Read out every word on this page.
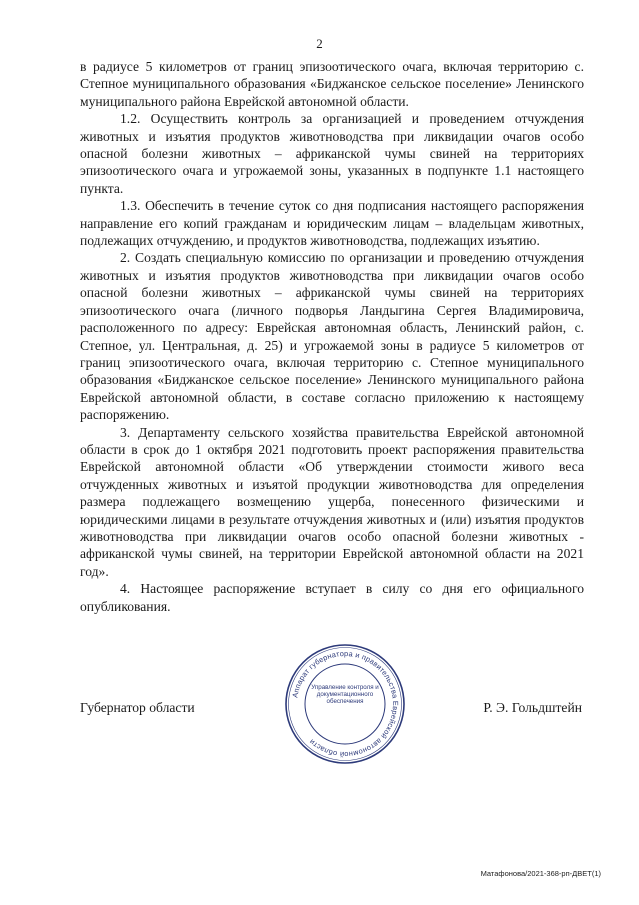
2

в радиусе 5 километров от границ эпизоотического очага, включая территорию с. Степное муниципального образования «Биджанское сельское поселение» Ленинского муниципального района Еврейской автономной области.

1.2. Осуществить контроль за организацией и проведением отчуждения животных и изъятия продуктов животноводства при ликвидации очагов особо опасной болезни животных – африканской чумы свиней на территориях эпизоотического очага и угрожаемой зоны, указанных в подпункте 1.1 настоящего пункта.

1.3. Обеспечить в течение суток со дня подписания настоящего распоряжения направление его копий гражданам и юридическим лицам – владельцам животных, подлежащих отчуждению, и продуктов животноводства, подлежащих изъятию.

2. Создать специальную комиссию по организации и проведению отчуждения животных и изъятия продуктов животноводства при ликвидации очагов особо опасной болезни животных – африканской чумы свиней на территориях эпизоотического очага (личного подворья Ландыгина Сергея Владимировича, расположенного по адресу: Еврейская автономная область, Ленинский район, с. Степное, ул. Центральная, д. 25) и угрожаемой зоны в радиусе 5 километров от границ эпизоотического очага, включая территорию с. Степное муниципального образования «Биджанское сельское поселение» Ленинского муниципального района Еврейской автономной области, в составе согласно приложению к настоящему распоряжению.

3. Департаменту сельского хозяйства правительства Еврейской автономной области в срок до 1 октября 2021 подготовить проект распоряжения правительства Еврейской автономной области «Об утверждении стоимости живого веса отчужденных животных и изъятой продукции животноводства для определения размера подлежащего возмещению ущерба, понесенного физическими и юридическими лицами в результате отчуждения животных и (или) изъятия продуктов животноводства при ликвидации очагов особо опасной болезни животных - африканской чумы свиней, на территории Еврейской автономной области на 2021 год».

4. Настоящее распоряжение вступает в силу со дня его официального опубликования.

Губернатор области	Р. Э. Гольдштейн
Аппарат губернатора и правительства Еврейской автономной области
Управление контроля и
документационного
обеспечения
Матафонова/2021-368-рп-ДВЕТ(1)
